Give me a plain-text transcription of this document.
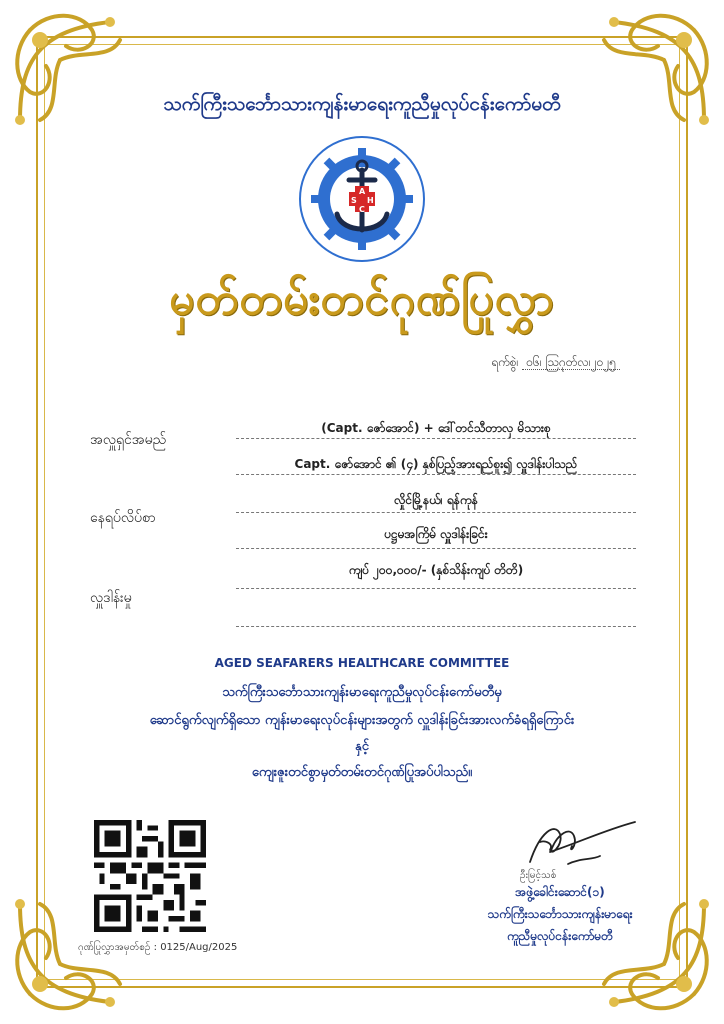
သက်ကြီးသင်္ဘောသားကျန်းမာရေးကူညီမှုလုပ်ငန်းကော်မတီ
A
S H
C
မှတ်တမ်းတင်ဂုဏ်ပြုလွှာ
ရက်စွဲ၊ ၀၆၊ ဩဂုတ်လ၊၂၀၂၅
အလှူရှင်အမည်
(Capt. ဇော်အောင်) + ဒေါ်တင်သီတာလှ မိသားစု
Capt. ဇော်အောင် ၏ (၄) နှစ်ပြည့်အားရည်စူး၍ လှူဒါန်းပါသည်
နေရပ်လိပ်စာ
လှိုင်မြို့နယ်၊ ရန်ကုန်
ပဋ္ဌမအကြိမ် လှူဒါန်းခြင်း
ကျပ် ၂၀၀,၀၀၀/- (နှစ်သိန်းကျပ် တိတိ)
လှူဒါန်းမှု
AGED SEAFARERS HEALTHCARE COMMITTEE
သက်ကြီးသင်္ဘောသားကျန်းမာရေးကူညီမှုလုပ်ငန်းကော်မတီမှ
ဆောင်ရွက်လျက်ရှိသော ကျန်းမာရေးလုပ်ငန်းများအတွက် လှူဒါန်းခြင်းအားလက်ခံရရှိကြောင်း
နှင့်
ကျေးဇူးတင်စွာမှတ်တမ်းတင်ဂုဏ်ပြုအပ်ပါသည်။
ဂုဏ်ပြုလွှာအမှတ်စဉ် : 0125/Aug/2025
ဦးမြင့်သစ်
အဖွဲ့ခေါင်းဆောင်(၁)
သက်ကြီးသင်္ဘောသားကျန်းမာရေး
ကူညီမှုလုပ်ငန်းကော်မတီ
